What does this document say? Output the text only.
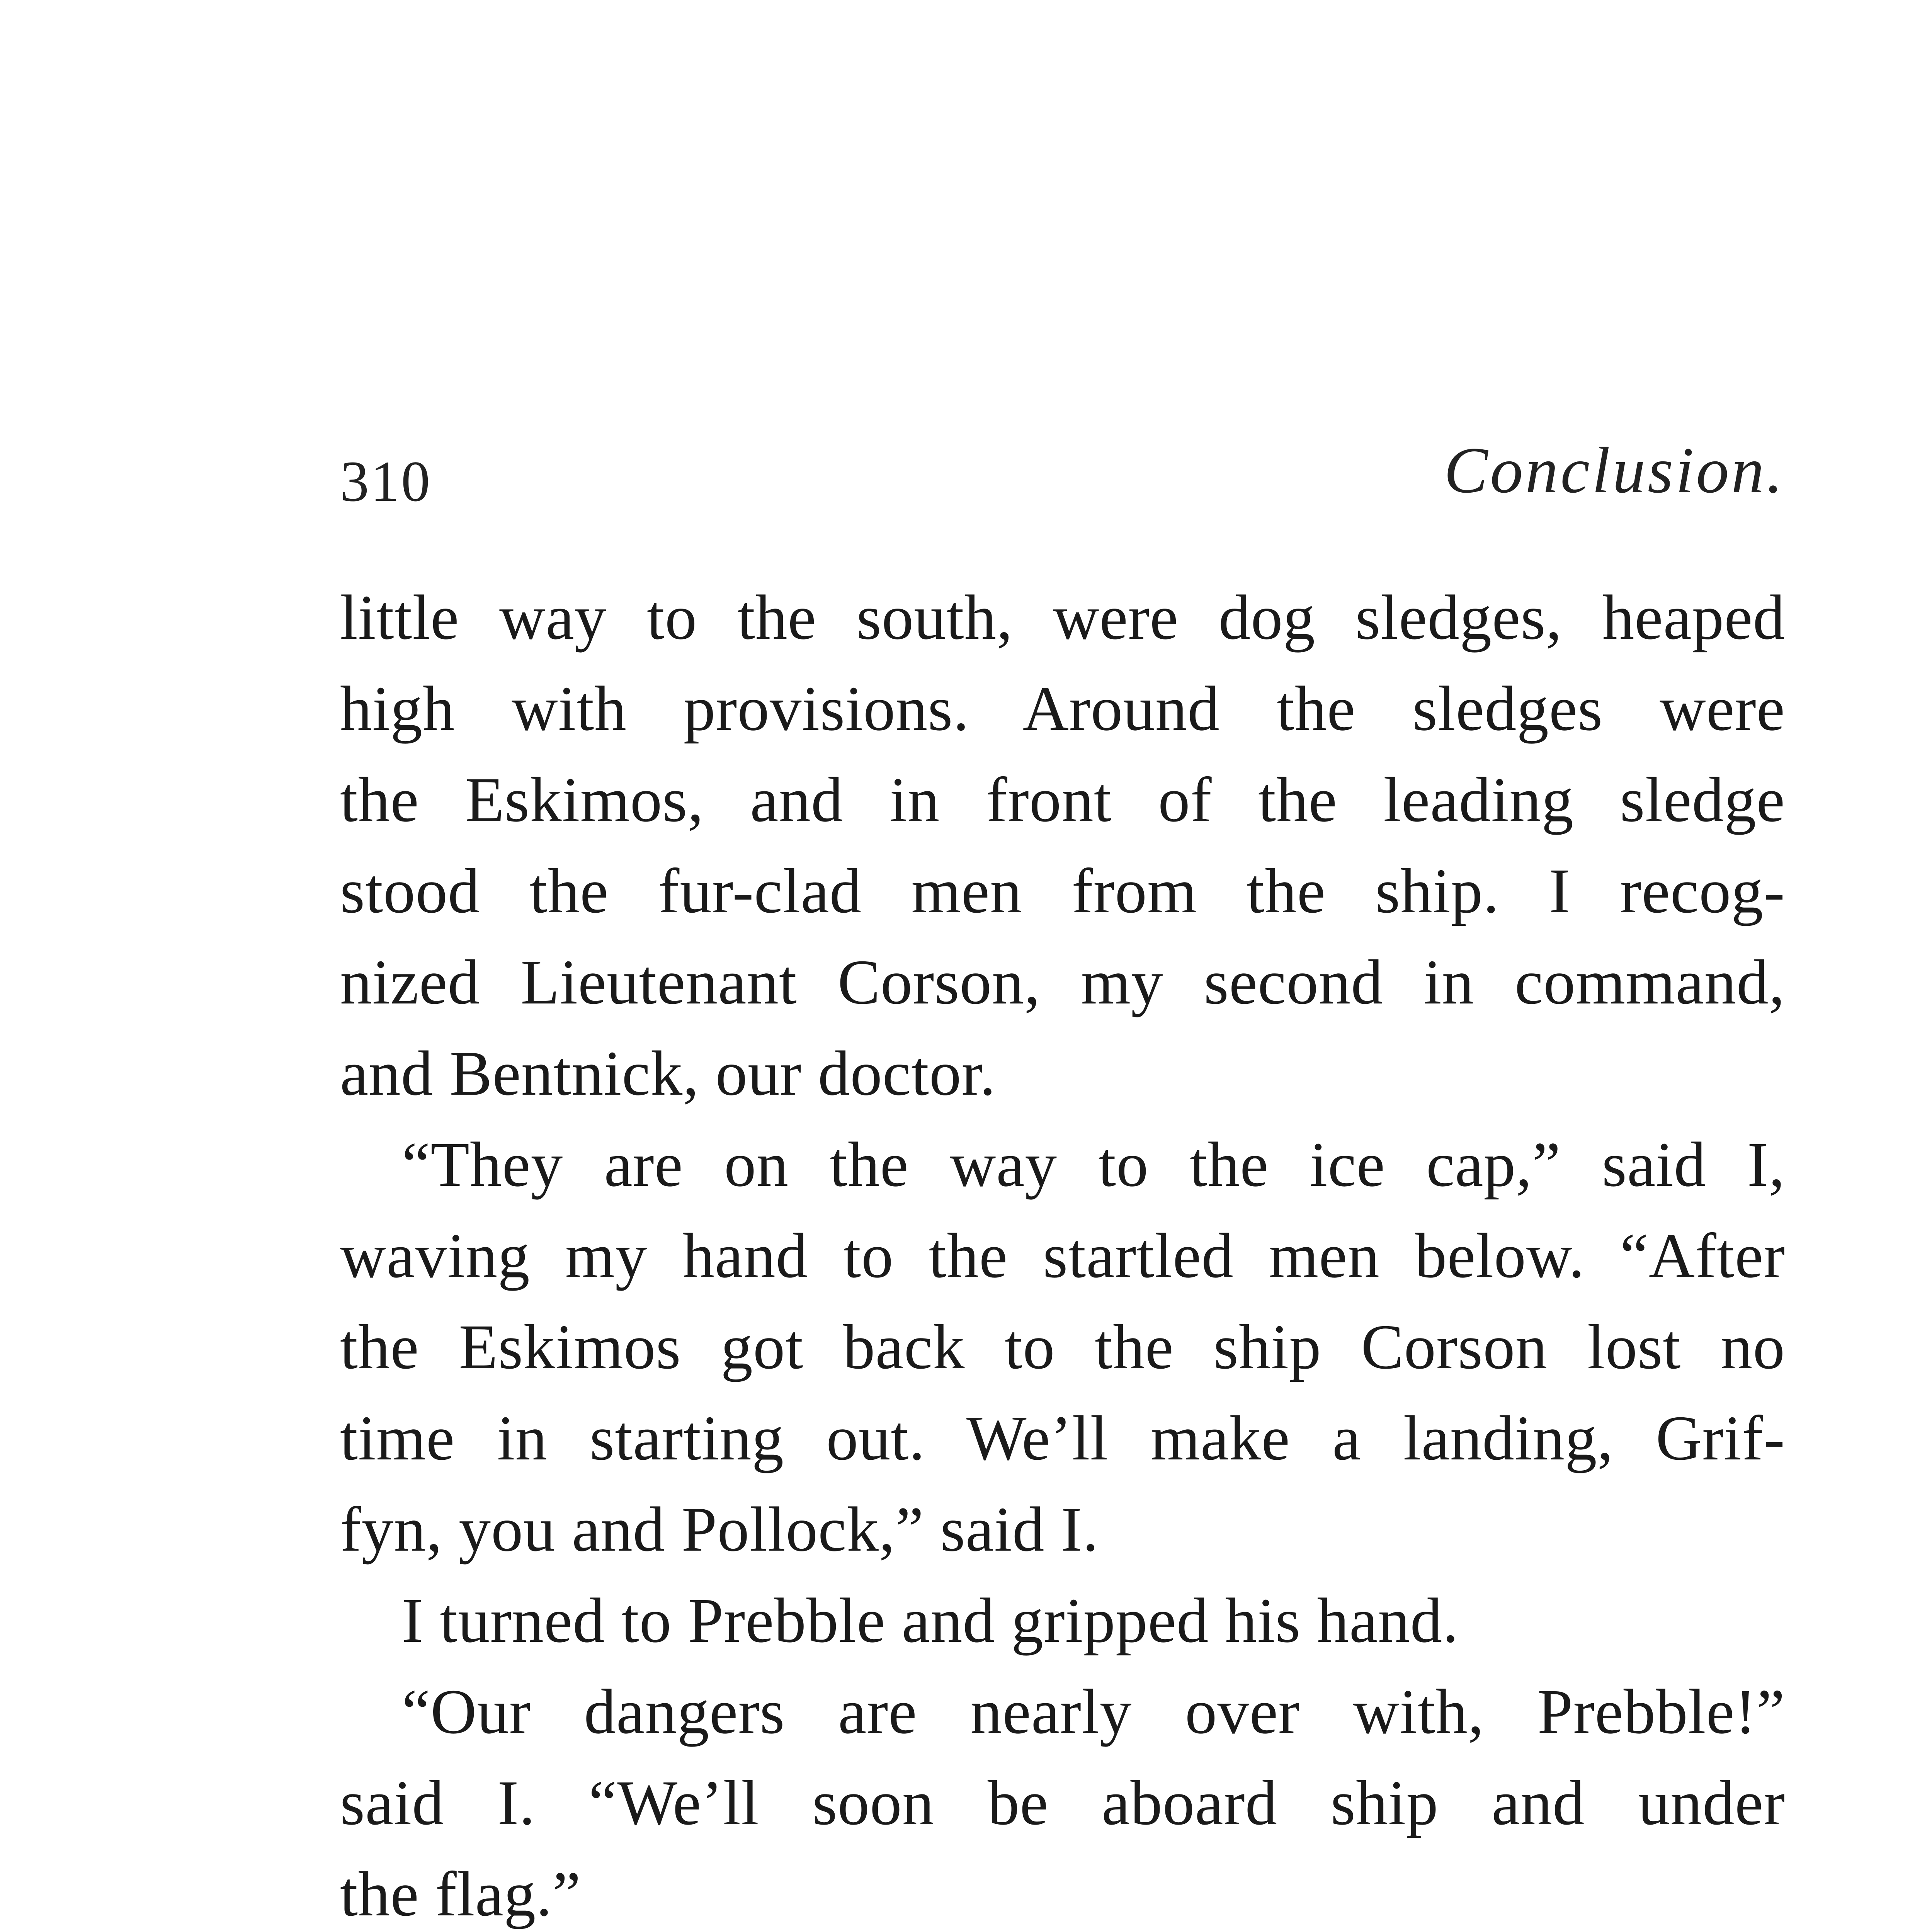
310	Conclusion.
little way to the south, were dog sledges, heaped
high with provisions. Around the sledges were
the Eskimos, and in front of the leading sledge
stood the fur-clad men from the ship. I recog-
nized Lieutenant Corson, my second in command,
and Bentnick, our doctor.
“They are on the way to the ice cap,” said I,
waving my hand to the startled men below. “After
the Eskimos got back to the ship Corson lost no
time in starting out. We’ll make a landing, Grif-
fyn, you and Pollock,” said I.
I turned to Prebble and gripped his hand.
“Our dangers are nearly over with, Prebble!”
said I. “We’ll soon be aboard ship and under
the flag.”
